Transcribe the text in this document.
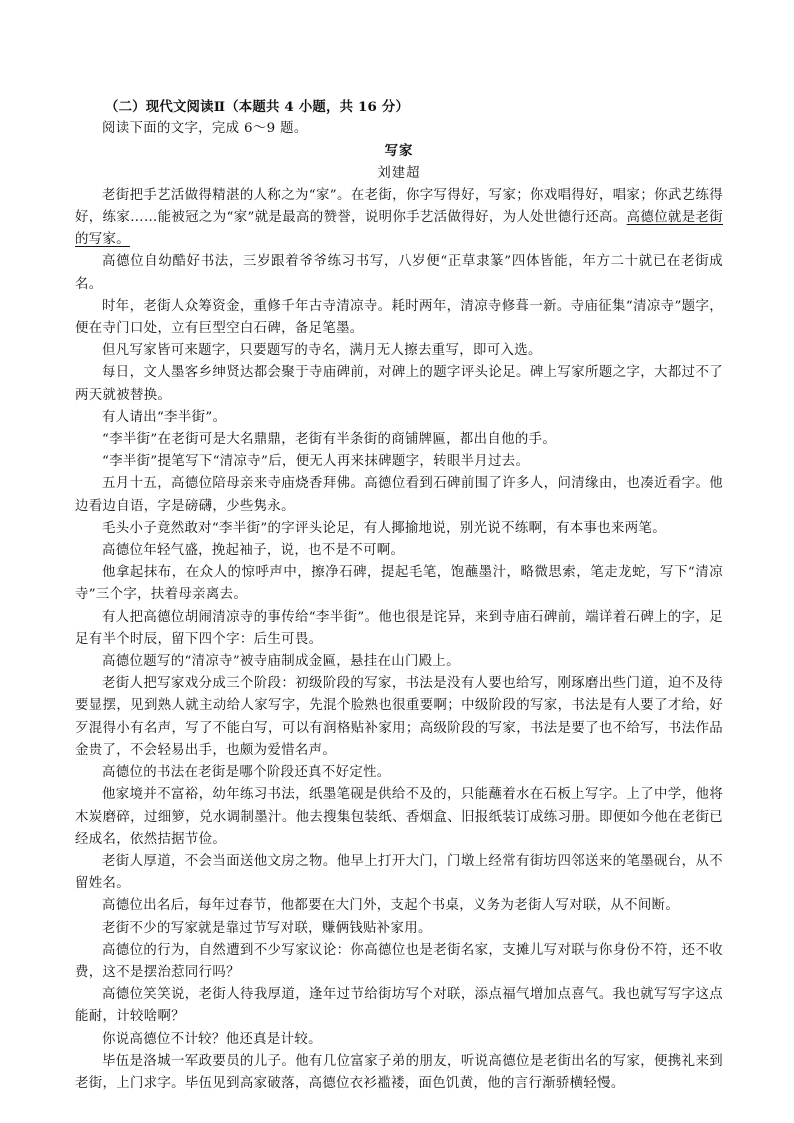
（二）现代文阅读Ⅱ（本题共 4 小题，共 16 分）

阅读下面的文字，完成 6～9 题。

写家

刘建超

老街把手艺活做得精湛的人称之为“家”。在老街，你字写得好，写家；你戏唱得好，唱家；你武艺练得好，练家……能被冠之为“家”就是最高的赞誉，说明你手艺活做得好，为人处世德行还高。高德位就是老街的写家。

高德位自幼酷好书法，三岁跟着爷爷练习书写，八岁便“正草隶篆”四体皆能，年方二十就已在老街成名。

时年，老街人众筹资金，重修千年古寺清凉寺。耗时两年，清凉寺修葺一新。寺庙征集“清凉寺”题字，便在寺门口处，立有巨型空白石碑，备足笔墨。

但凡写家皆可来题字，只要题写的寺名，满月无人擦去重写，即可入选。

每日，文人墨客乡绅贤达都会聚于寺庙碑前，对碑上的题字评头论足。碑上写家所题之字，大都过不了两天就被替换。

有人请出“李半街”。

“李半街”在老街可是大名鼎鼎，老街有半条街的商铺牌匾，都出自他的手。

“李半街”提笔写下“清凉寺”后，便无人再来抹碑题字，转眼半月过去。

五月十五，高德位陪母亲来寺庙烧香拜佛。高德位看到石碑前围了许多人，问清缘由，也凑近看字。他边看边自语，字是磅礴，少些隽永。

毛头小子竟然敢对“李半街”的字评头论足，有人揶揄地说，别光说不练啊，有本事也来两笔。

高德位年轻气盛，挽起袖子，说，也不是不可啊。

他拿起抹布，在众人的惊呼声中，擦净石碑，提起毛笔，饱蘸墨汁，略微思索，笔走龙蛇，写下“清凉寺”三个字，扶着母亲离去。

有人把高德位胡闹清凉寺的事传给“李半街”。他也很是诧异，来到寺庙石碑前，端详着石碑上的字，足足有半个时辰，留下四个字：后生可畏。

高德位题写的“清凉寺”被寺庙制成金匾，悬挂在山门殿上。

老街人把写家戏分成三个阶段：初级阶段的写家，书法是没有人要也给写，刚琢磨出些门道，迫不及待要显摆，见到熟人就主动给人家写字，先混个脸熟也很重要啊；中级阶段的写家，书法是有人要了才给，好歹混得小有名声，写了不能白写，可以有润格贴补家用；高级阶段的写家，书法是要了也不给写，书法作品金贵了，不会轻易出手，也颇为爱惜名声。

高德位的书法在老街是哪个阶段还真不好定性。

他家境并不富裕，幼年练习书法，纸墨笔砚是供给不及的，只能蘸着水在石板上写字。上了中学，他将木炭磨碎，过细箩，兑水调制墨汁。他去搜集包装纸、香烟盒、旧报纸装订成练习册。即便如今他在老街已经成名，依然拮据节俭。

老街人厚道，不会当面送他文房之物。他早上打开大门，门墩上经常有街坊四邻送来的笔墨砚台，从不留姓名。

高德位出名后，每年过春节，他都要在大门外，支起个书桌，义务为老街人写对联，从不间断。

老街不少的写家就是靠过节写对联，赚俩钱贴补家用。

高德位的行为，自然遭到不少写家议论：你高德位也是老街名家，支摊儿写对联与你身份不符，还不收费，这不是摆治惹同行吗？

高德位笑笑说，老街人待我厚道，逢年过节给街坊写个对联，添点福气增加点喜气。我也就写写字这点能耐，计较啥啊？

你说高德位不计较？他还真是计较。

毕伍是洛城一军政要员的儿子。他有几位富家子弟的朋友，听说高德位是老街出名的写家，便携礼来到老街，上门求字。毕伍见到高家破落，高德位衣衫褴褛，面色饥黄，他的言行渐骄横轻慢。
